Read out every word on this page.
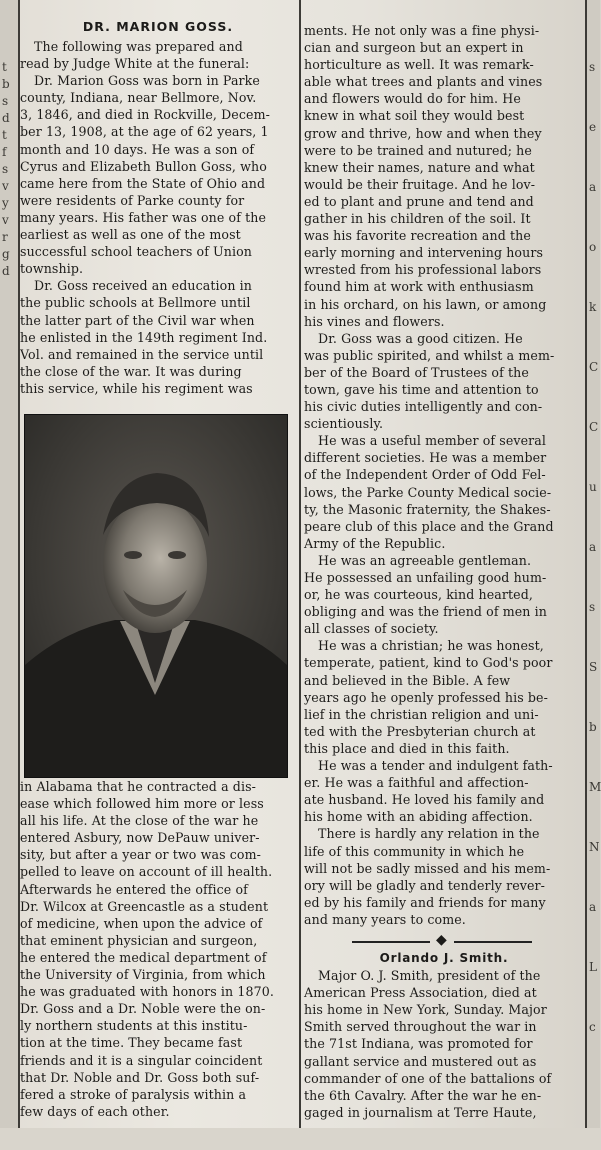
t
b
s
d
t
f
s
v
y
v
r
g
d
s
e
a
o
k
C
C
u
a
s
S
b
M
N
a
L
c
DR. MARION GOSS.
The following was prepared and
read by Judge White at the funeral:
Dr. Marion Goss was born in Parke
county, Indiana, near Bellmore, Nov.
3, 1846, and died in Rockville, Decem-
ber 13, 1908, at the age of 62 years, 1
month and 10 days. He was a son of
Cyrus and Elizabeth Bullon Goss, who
came here from the State of Ohio and
were residents of Parke county for
many years. His father was one of the
earliest as well as one of the most
successful school teachers of Union
township.
Dr. Goss received an education in
the public schools at Bellmore until
the latter part of the Civil war when
he enlisted in the 149th regiment Ind.
Vol. and remained in the service until
the close of the war. It was during
this service, while his regiment was
in Alabama that he contracted a dis-
ease which followed him more or less
all his life. At the close of the war he
entered Asbury, now DePauw univer-
sity, but after a year or two was com-
pelled to leave on account of ill health.
Afterwards he entered the office of
Dr. Wilcox at Greencastle as a student
of medicine, when upon the advice of
that eminent physician and surgeon,
he entered the medical department of
the University of Virginia, from which
he was graduated with honors in 1870.
Dr. Goss and a Dr. Noble were the on-
ly northern students at this institu-
tion at the time. They became fast
friends and it is a singular coincident
that Dr. Noble and Dr. Goss both suf-
fered a stroke of paralysis within a
few days of each other.
ments. He not only was a fine physi-
cian and surgeon but an expert in
horticulture as well. It was remark-
able what trees and plants and vines
and flowers would do for him. He
knew in what soil they would best
grow and thrive, how and when they
were to be trained and nutured; he
knew their names, nature and what
would be their fruitage. And he lov-
ed to plant and prune and tend and
gather in his children of the soil. It
was his favorite recreation and the
early morning and intervening hours
wrested from his professional labors
found him at work with enthusiasm
in his orchard, on his lawn, or among
his vines and flowers.
Dr. Goss was a good citizen. He
was public spirited, and whilst a mem-
ber of the Board of Trustees of the
town, gave his time and attention to
his civic duties intelligently and con-
scientiously.
He was a useful member of several
different societies. He was a member
of the Independent Order of Odd Fel-
lows, the Parke County Medical socie-
ty, the Masonic fraternity, the Shakes-
peare club of this place and the Grand
Army of the Republic.
He was an agreeable gentleman.
He possessed an unfailing good hum-
or, he was courteous, kind hearted,
obliging and was the friend of men in
all classes of society.
He was a christian; he was honest,
temperate, patient, kind to God's poor
and believed in the Bible. A few
years ago he openly professed his be-
lief in the christian religion and uni-
ted with the Presbyterian church at
this place and died in this faith.
He was a tender and indulgent fath-
er. He was a faithful and affection-
ate husband. He loved his family and
his home with an abiding affection.
There is hardly any relation in the
life of this community in which he
will not be sadly missed and his mem-
ory will be gladly and tenderly rever-
ed by his family and friends for many
and many years to come.
◆
Orlando J. Smith.
Major O. J. Smith, president of the
American Press Association, died at
his home in New York, Sunday. Major
Smith served throughout the war in
the 71st Indiana, was promoted for
gallant service and mustered out as
commander of one of the battalions of
the 6th Cavalry. After the war he en-
gaged in journalism at Terre Haute,
